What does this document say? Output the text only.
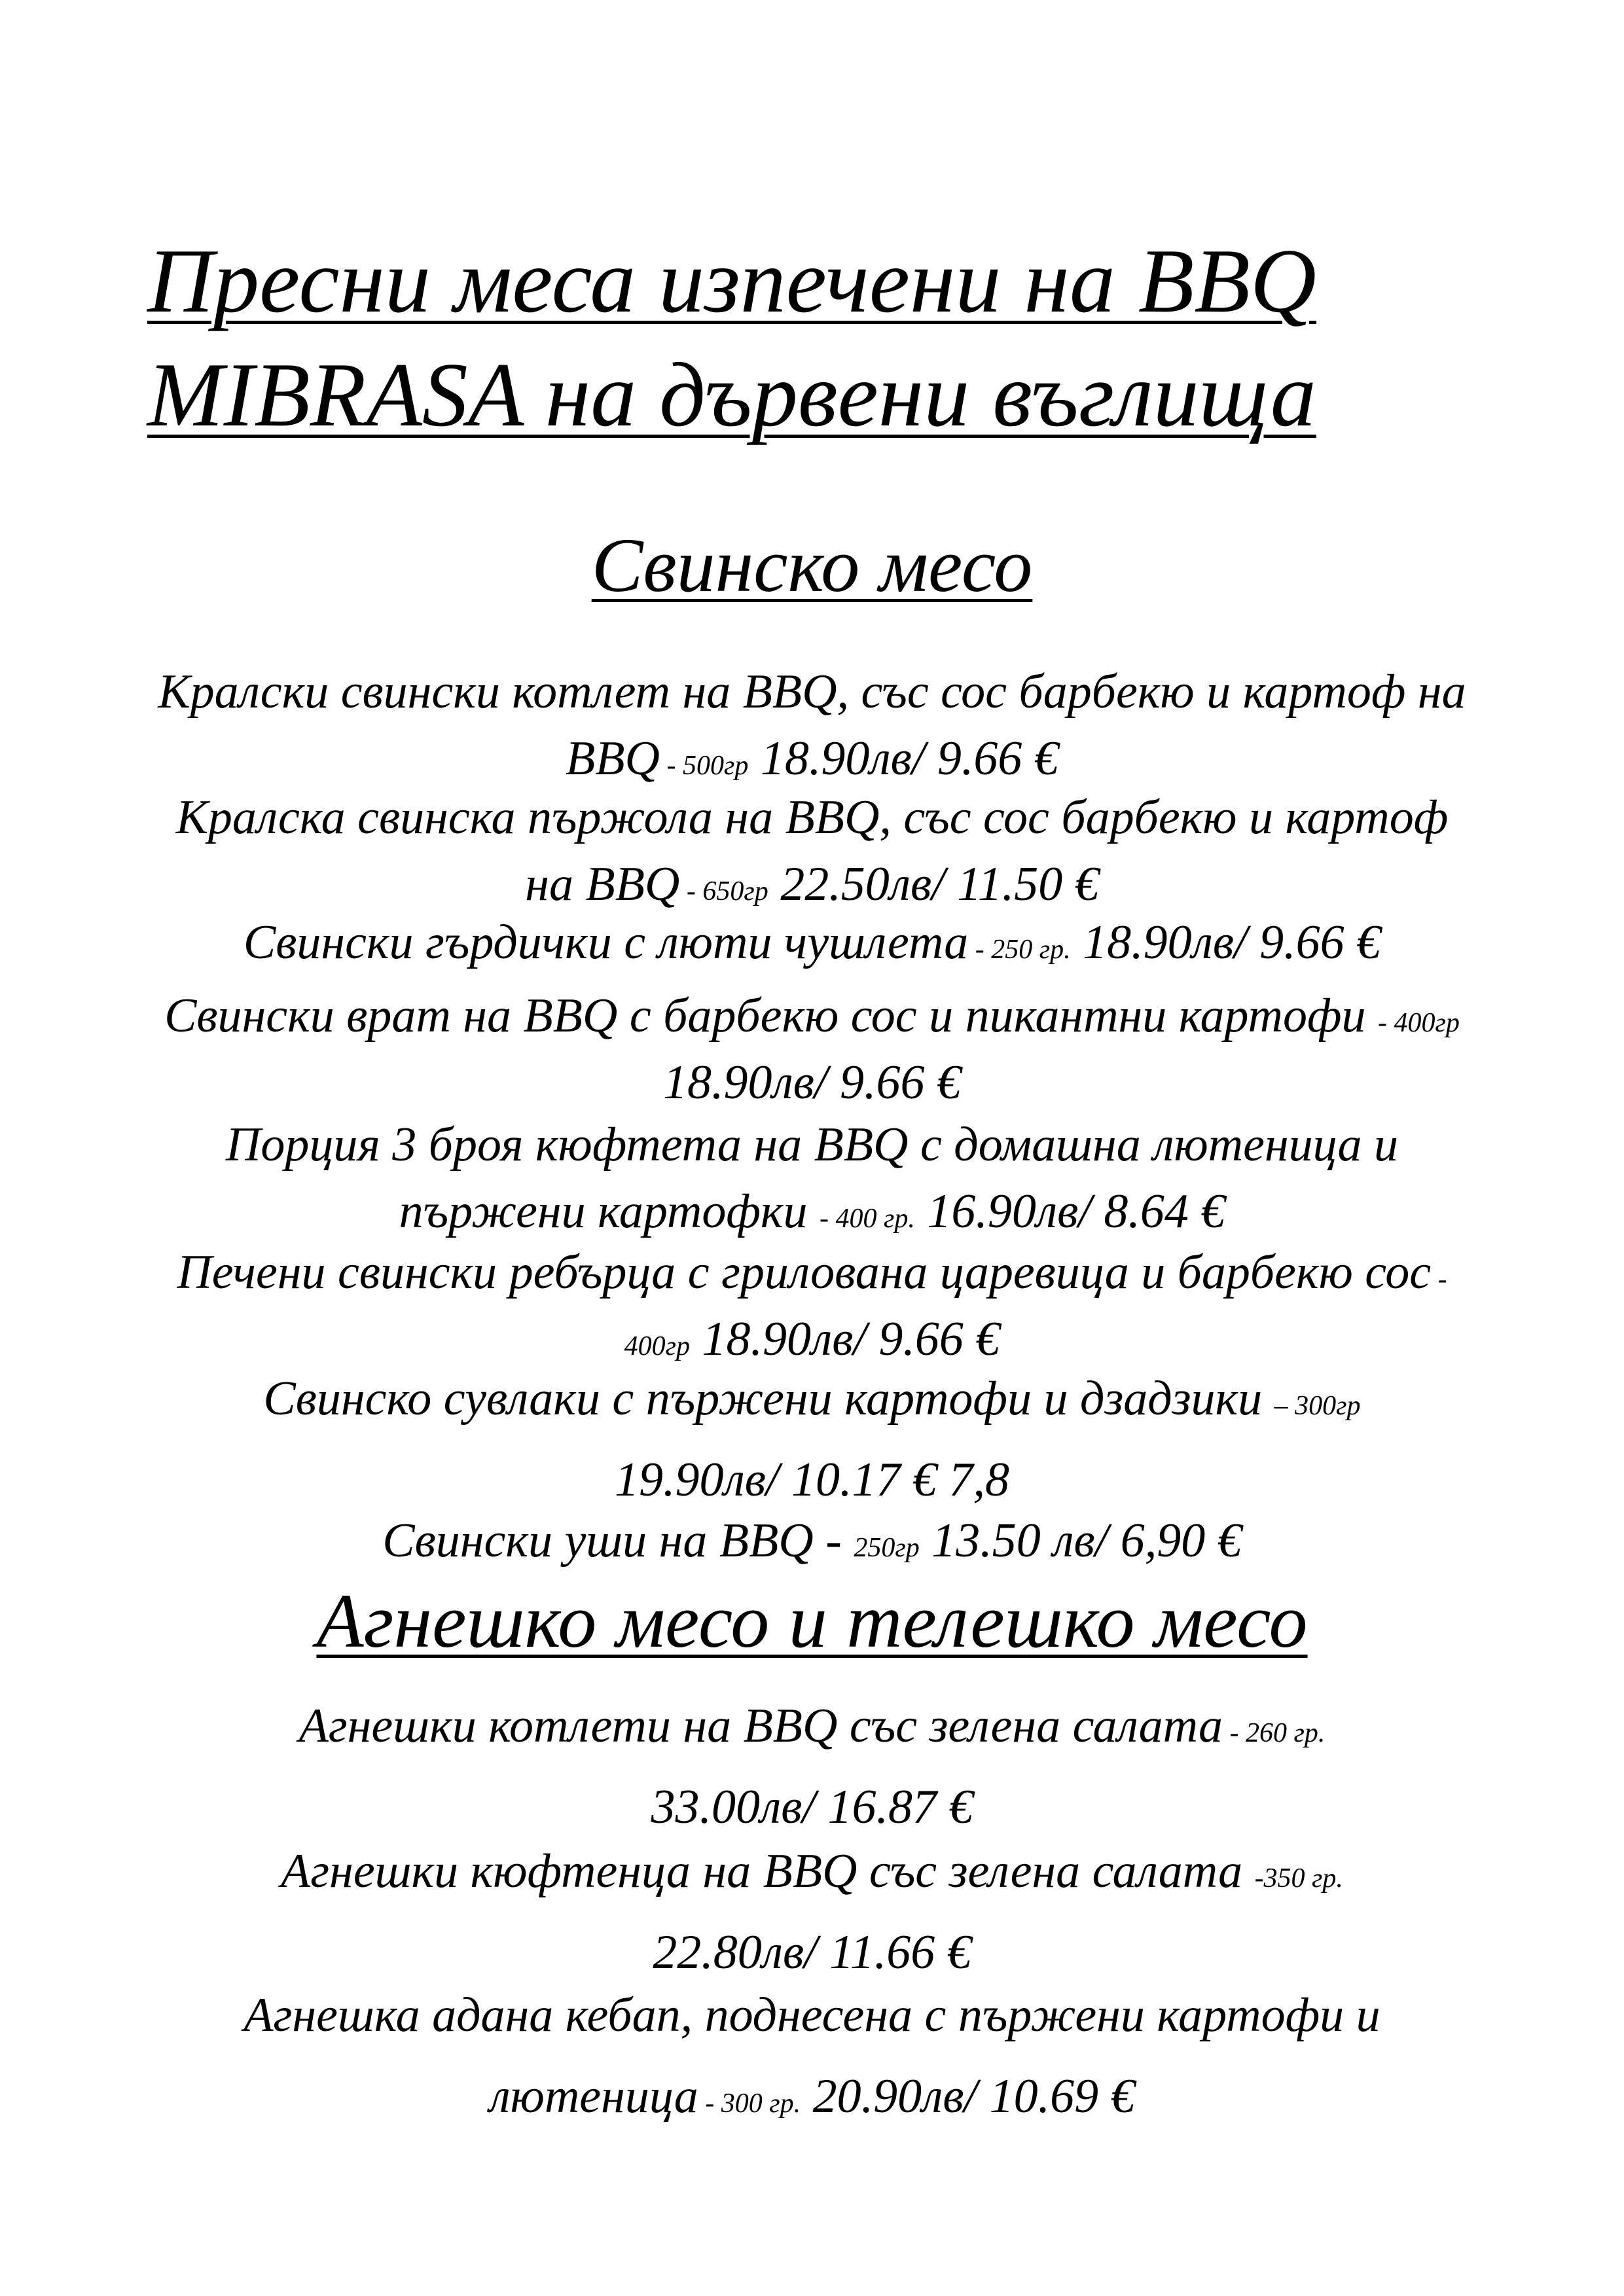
Пресни меса изпечени на BBQ
MIBRASA на дървени въглища
Свинско месо
Кралски свински котлет на BBQ, със сос барбекю и картоф на
BBQ - 500гр 18.90лв/ 9.66 €
Кралска свинска пържола на BBQ, със сос барбекю и картоф
на BBQ - 650гр 22.50лв/ 11.50 €
Свински гърдички с люти чушлета - 250 гр. 18.90лв/ 9.66 €
Свински врат на BBQ с барбекю сос и пикантни картофи - 400гр
18.90лв/ 9.66 €
Порция 3 броя кюфтета на BBQ с домашна лютеница и
пържени картофки - 400 гр. 16.90лв/ 8.64 €
Печени свински ребърца с грилована царевица и барбекю сос -
400гр 18.90лв/ 9.66 €
Свинско сувлаки с пържени картофи и дзадзики – 300гр
19.90лв/ 10.17 € 7,8
Свински уши на BBQ - 250гр 13.50 лв/ 6,90 €
Агнешко месо и телешко месо
Агнешки котлети на BBQ със зелена салата - 260 гр.
33.00лв/ 16.87 €
Агнешки кюфтенца на BBQ със зелена салата -350 гр.
22.80лв/ 11.66 €
Агнешка адана кебап, поднесена с пържени картофи и
лютеница - 300 гр. 20.90лв/ 10.69 €
